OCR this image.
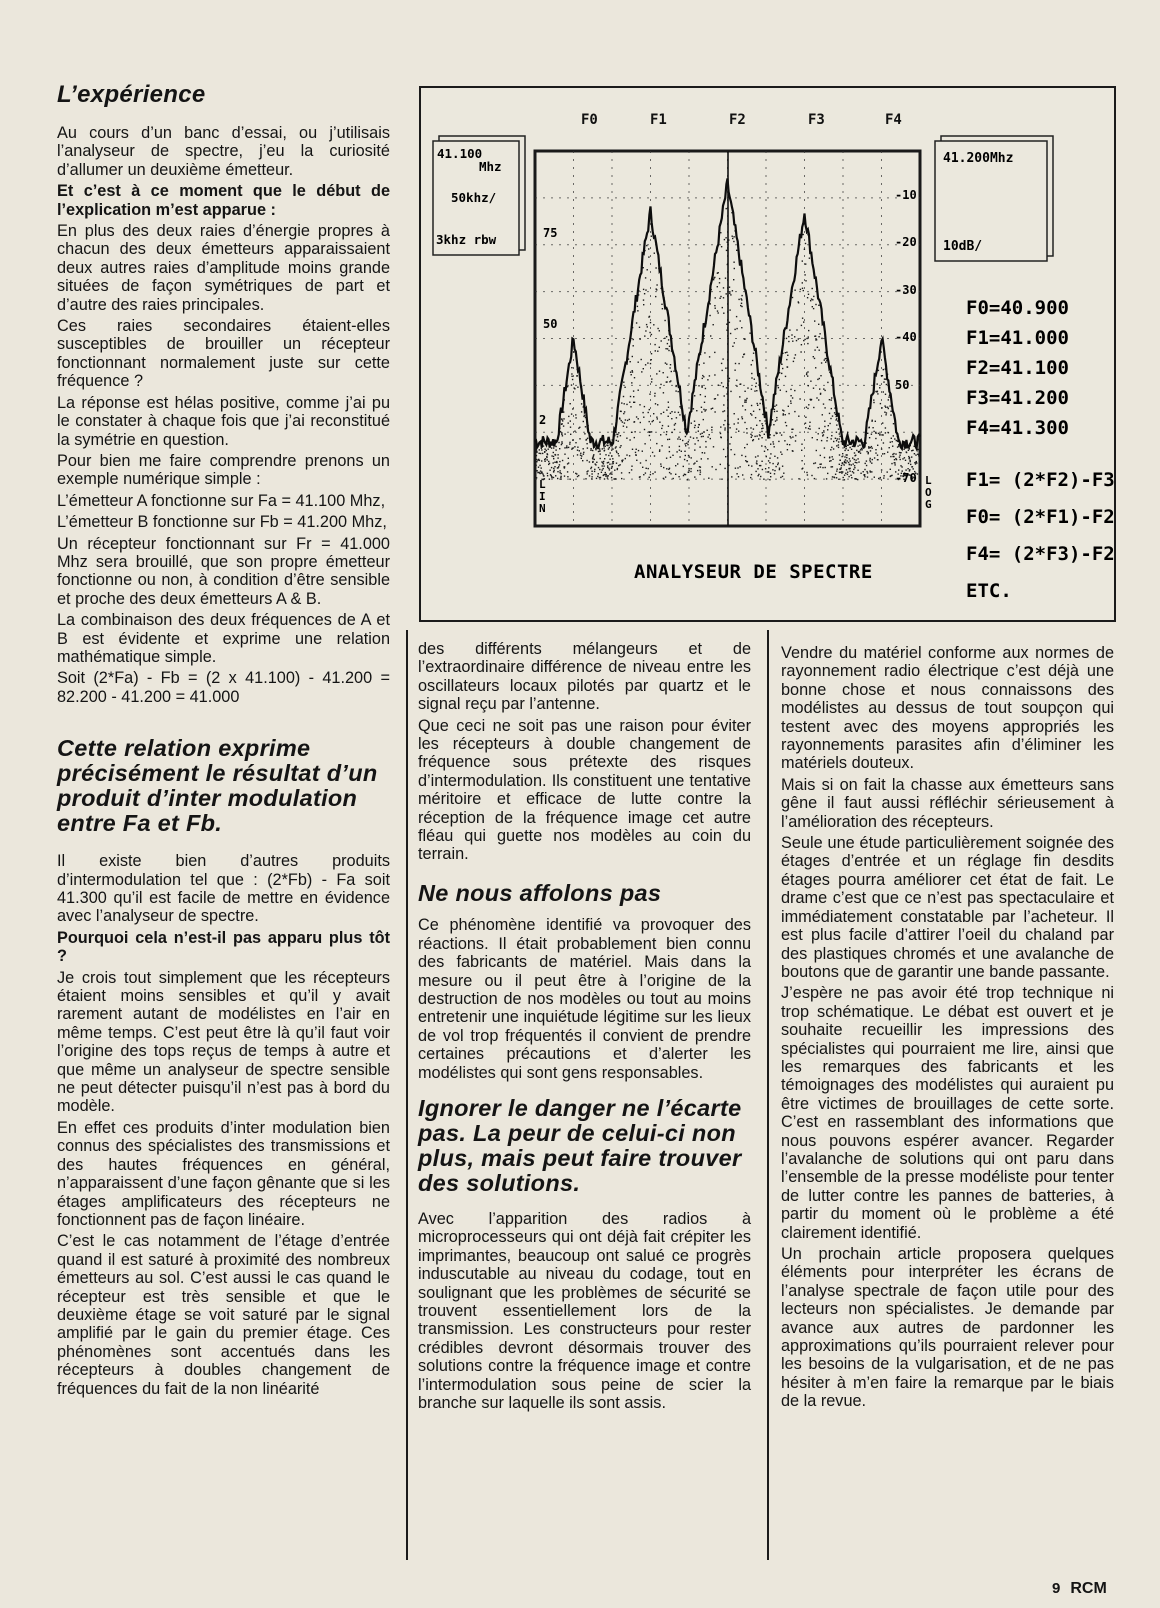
F0	F1	F2	F3	F4
41.100
Mhz
50khz/
3khz rbw
41.200Mhz
10dB/
75
50
2
L I N
-10
-20
-30
-40
50
-70 L O G
F0=40.900
F1=41.000
F2=41.100
F3=41.200
F4=41.300
F1= (2*F2)-F3
F0= (2*F1)-F2
F4= (2*F3)-F2
ETC.
ANALYSEUR DE SPECTRE
L’expérience

Au cours d’un banc d’essai, ou j’utilisais l’analyseur de spectre, j’eu la curiosité d’allumer un deuxième émetteur.

Et c’est à ce moment que le début de l’explication m’est apparue :

En plus des deux raies d’énergie propres à chacun des deux émetteurs apparaissaient deux autres raies d’amplitude moins grande situées de façon symétriques de part et d’autre des raies principales.

Ces raies secondaires étaient-elles susceptibles de brouiller un récepteur fonctionnant normalement juste sur cette fréquence ?

La réponse est hélas positive, comme j’ai pu le constater à chaque fois que j’ai reconstitué la symétrie en question.

Pour bien me faire comprendre prenons un exemple numérique simple :

L’émetteur A fonctionne sur Fa = 41.100 Mhz,

L’émetteur B fonctionne sur Fb = 41.200 Mhz,

Un récepteur fonctionnant sur Fr = 41.000 Mhz sera brouillé, que son propre émetteur fonctionne ou non, à condition d’être sensible et proche des deux émetteurs A & B.

La combinaison des deux fréquences de A et B est évidente et exprime une relation mathématique simple.

Soit (2*Fa) - Fb = (2 x 41.100) - 41.200 = 82.200 - 41.200 = 41.000

Cette relation exprime précisément le résultat d’un produit d’inter modulation entre Fa et Fb.

Il existe bien d’autres produits d’intermodulation tel que : (2*Fb) - Fa soit 41.300 qu’il est facile de mettre en évidence avec l’analyseur de spectre.

Pourquoi cela n’est-il pas apparu plus tôt ?

Je crois tout simplement que les récepteurs étaient moins sensibles et qu’il y avait rarement autant de modélistes en l’air en même temps. C’est peut être là qu’il faut voir l’origine des tops reçus de temps à autre et que même un analyseur de spectre sensible ne peut détecter puisqu’il n’est pas à bord du modèle.

En effet ces produits d’inter modulation bien connus des spécialistes des transmissions et des hautes fréquences en général, n’apparaissent d’une façon gênante que si les étages amplificateurs des récepteurs ne fonctionnent pas de façon linéaire.

C’est le cas notamment de l’étage d’entrée quand il est saturé à proximité des nombreux émetteurs au sol. C’est aussi le cas quand le récepteur est très sensible et que le deuxième étage se voit saturé par le signal amplifié par le gain du premier étage. Ces phénomènes sont accentués dans les récepteurs à doubles changement de fréquences du fait de la non linéarité

des différents mélangeurs et de l’extraordinaire différence de niveau entre les oscillateurs locaux pilotés par quartz et le signal reçu par l’antenne.

Que ceci ne soit pas une raison pour éviter les récepteurs à double changement de fréquence sous prétexte des risques d’intermodulation. Ils constituent une tentative méritoire et efficace de lutte contre la réception de la fréquence image cet autre fléau qui guette nos modèles au coin du terrain.

Ne nous affolons pas

Ce phénomène identifié va provoquer des réactions. Il était probablement bien connu des fabricants de matériel. Mais dans la mesure ou il peut être à l’origine de la destruction de nos modèles ou tout au moins entretenir une inquiétude légitime sur les lieux de vol trop fréquentés il convient de prendre certaines précautions et d’alerter les modélistes qui sont gens responsables.

Ignorer le danger ne l’écarte pas. La peur de celui-ci non plus, mais peut faire trouver des solutions.

Avec l’apparition des radios à microprocesseurs qui ont déjà fait crépiter les imprimantes, beaucoup ont salué ce progrès induscutable au niveau du codage, tout en soulignant que les problèmes de sécurité se trouvent essentiellement lors de la transmission. Les constructeurs pour rester crédibles devront désormais trouver des solutions contre la fréquence image et contre l’intermodulation sous peine de scier la branche sur laquelle ils sont assis.

Vendre du matériel conforme aux normes de rayonnement radio électrique c’est déjà une bonne chose et nous connaissons des modélistes au dessus de tout soupçon qui testent avec des moyens appropriés les rayonnements parasites afin d’éliminer les matériels douteux.

Mais si on fait la chasse aux émetteurs sans gêne il faut aussi réfléchir sérieusement à l’amélioration des récepteurs.

Seule une étude particulièrement soignée des étages d’entrée et un réglage fin desdits étages pourra améliorer cet état de fait. Le drame c’est que ce n’est pas spectaculaire et immédiatement constatable par l’acheteur. Il est plus facile d’attirer l’oeil du chaland par des plastiques chromés et une avalanche de boutons que de garantir une bande passante.

J’espère ne pas avoir été trop technique ni trop schématique. Le débat est ouvert et je souhaite recueillir les impressions des spécialistes qui pourraient me lire, ainsi que les remarques des fabricants et les témoignages des modélistes qui auraient pu être victimes de brouillages de cette sorte. C’est en rassemblant des informations que nous pouvons espérer avancer. Regarder l’avalanche de solutions qui ont paru dans l’ensemble de la presse modéliste pour tenter de lutter contre les pannes de batteries, à partir du moment où le problème a été clairement identifié.

Un prochain article proposera quelques éléments pour interpréter les écrans de l’analyse spectrale de façon utile pour des lecteurs non spécialistes. Je demande par avance aux autres de pardonner les approximations qu’ils pourraient relever pour les besoins de la vulgarisation, et de ne pas hésiter à m’en faire la remarque par le biais de la revue.

9 RCM
